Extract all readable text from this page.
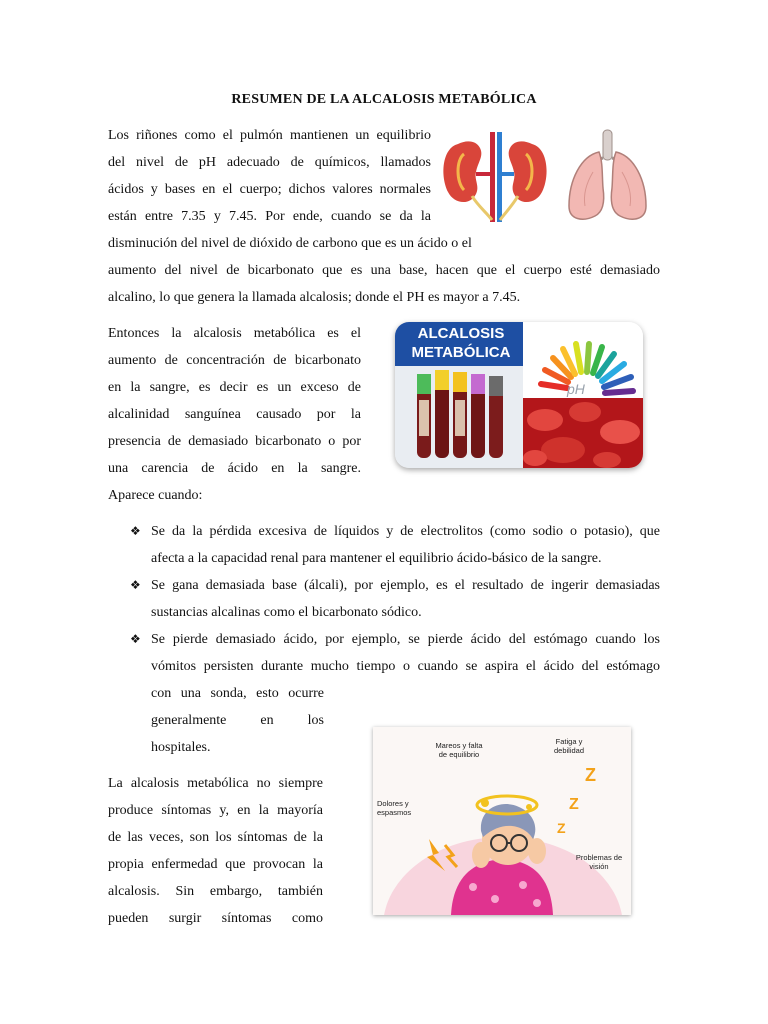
RESUMEN DE LA ALCALOSIS METABÓLICA
Los riñones como el pulmón mantienen un equilibrio
del nivel de pH adecuado de químicos, llamados
ácidos y bases en el cuerpo; dichos valores normales
están entre 7.35 y 7.45. Por ende, cuando se da la
disminución del nivel de dióxido de carbono que es un ácido o el
aumento del nivel de bicarbonato que es una base, hacen que el cuerpo esté demasiado
alcalino, lo que genera la llamada alcalosis; donde el PH es mayor a 7.45.
Entonces la alcalosis metabólica es el
aumento de concentración de bicarbonato
en la sangre, es decir es un exceso de
alcalinidad sanguínea causado por la
presencia de demasiado bicarbonato o por
una carencia de ácido en la sangre.
Aparece cuando:
pH
ALCALOSIS
METABÓLICA
❖ Se da la pérdida excesiva de líquidos y de electrolitos (como sodio o potasio), que
afecta a la capacidad renal para mantener el equilibrio ácido-básico de la sangre.
❖ Se gana demasiada base (álcali), por ejemplo, es el resultado de ingerir demasiadas
sustancias alcalinas como el bicarbonato sódico.
❖ Se pierde demasiado ácido, por ejemplo, se pierde ácido del estómago cuando los
vómitos persisten durante mucho tiempo o cuando se aspira el ácido del estómago
con una sonda, esto ocurre
generalmente en los
hospitales.
La alcalosis metabólica no siempre
produce síntomas y, en la mayoría
de las veces, son los síntomas de la
propia enfermedad que provocan la
alcalosis. Sin embargo, también
pueden surgir síntomas como
Z
Z
Z
Mareos y falta
de equilibrio
Fatiga y
debilidad
Dolores y
espasmos
Problemas de
visión
